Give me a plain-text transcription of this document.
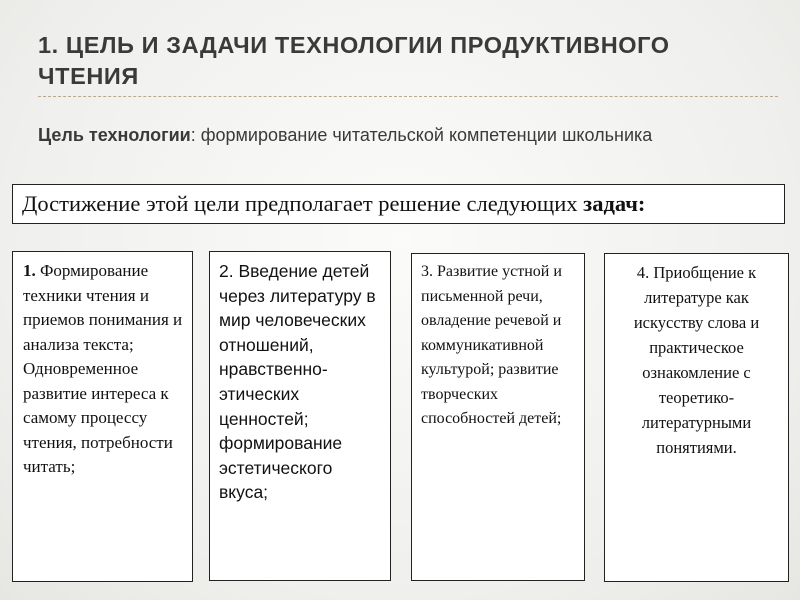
1. ЦЕЛЬ И ЗАДАЧИ ТЕХНОЛОГИИ ПРОДУКТИВНОГО ЧТЕНИЯ
Цель технологии: формирование читательской компетенции школьника
Достижение этой цели предполагает решение следующих задач:
1. Формирование техники чтения и приемов понимания и анализа текста; Одновременное развитие интереса к самому процессу чтения, потребности читать;
2. Введение детей через литературу в мир человеческих отношений, нравственно-этических ценностей; формирование эстетического вкуса;
3. Развитие устной и письменной речи, овладение речевой и коммуникативной культурой; развитие творческих способностей детей;
4. Приобщение к литературе как искусству слова и практическое ознакомление с теоретико-литературными понятиями.
